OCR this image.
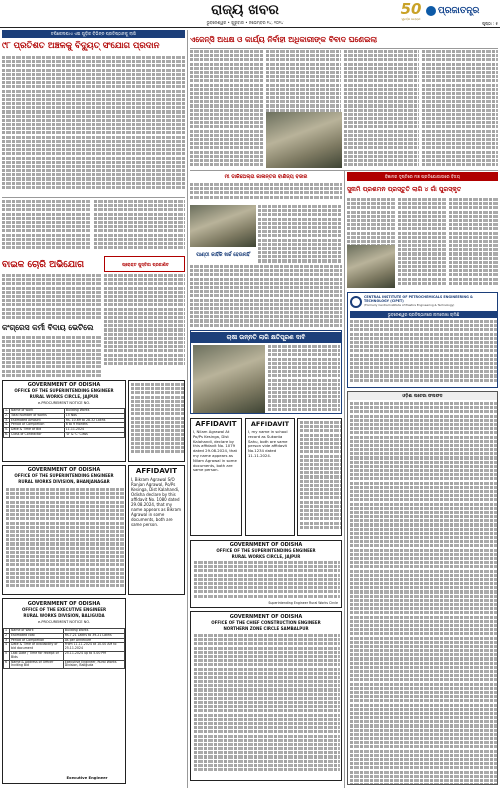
ରାଜ୍ୟ ଖବର
ଭୁବନେଶ୍ୱର • ଗୁରୁବାର • ନଭେମ୍ବର ୧୪, ୨୦୨୪
50
ସୁବର୍ଣ୍ଣ ଜୟନ୍ତୀ
ପ୍ରଜାତନ୍ତ୍ର
ପୃଷ୍ଠା : ୫
ଟପିକେଲପାଏ ଏଇ ଗୁଡ଼ିକ ବିଭିନ୍ନ ପ୍ରତିଷ୍ଠାନକୁ ଲାଗି
୯୮ ପ୍ରତିଶତ ଅଞ୍ଚଳକୁ ବିଦ୍ୟୁତ୍ ସଂଯୋଗ ପ୍ରଦାନ
ଏଜେନ୍‌ସି ଅଧକ୍ଷ ଓ କାର୍ଯ୍ୟ ନିର୍ବାହୀ ଅଧିକାରୀଙ୍କ ବିବାଦ ଘଣେଇଲା
ବାଇକ ଚୋରି ଅଭିଯୋଗ	ପ୍ରୋକ୍ଟ ପୁସ୍ତିକା ପ୍ରକାଶିତ
କଂଗ୍ରେସ କର୍ମୀ ବିଦାୟ ଭେଟିଲେ
GOVERNMENT OF ODISHA
OFFICE OF THE SUPERINTENDING ENGINEER
RURAL WORKS CIRCLE, JAJPUR
e-PROCUREMENT NOTICE NO.
1.	Name of work	Building Works
2.	Total Number of works	15 Nos
3.	Estimated Amount	Rs. 10.69 to 28.32 Lakhs
4.	Period of Completion	6 to 9 Months
5.	Date & Time of Bid	11.11.2024
6.	Class of Contractor	'D' & 'C' Class
GOVERNMENT OF ODISHA
OFFICE OF THE SUPERINTENDING ENGINEER
RURAL WORKS DIVISION, BHANJANAGAR
GOVERNMENT OF ODISHA
OFFICE OF THE EXECUTIVE ENGINEER
RURAL WORKS DIVISION, BALIGUDA
e-PROCUREMENT NOTICE NO.
1	Name of Work	Building Works
2	Estimated cost	Rs.7.21 Lakhs to 39.21 Lakhs
3	Period of Completion	As per Annexure
4	Date & Time of availability of bid document	From 11.11.2024 at 10.00 AM to 25.11.2024
5	Last Date / Time for receipt of Bids	25.11.2024 up to 5.00 PM
6	Name & Address of Officer Inviting Bid	Executive Engineer, Rural Works Division, Baliguda
Executive Engineer
ମୀ ଡାକିଅେଲ୍ତା କାଳାନ୍ତର ବାଣିଜ୍ୟ ବଜାର
ପାଣ୍ଠୀ କାହିଁକି ଖର୍ଚ୍ଚ ହେଉନାହିଁ
ଚାଷୀ ଉନ୍ନତି ଲାଗି କ୍ଷତିପୂରଣ ଦାବି
AFFIDAVIT
I, Bikram Agrawal S/O Ranjan Agrawal, Po/Ps Kesinga, Dist Kalahandi, Odisha declare by this affidavit No. 1080 dated 29.08.2024, that my name appears as Bikram Agrawal in some documents, both are same person.
AFFIDAVIT
I, Nilam Agrawal At Po/Ps Kesinga, Dist Kalahandi, declare by this affidavit No. 1079 dated 29.08.2024, that my name appears as Nilam Agrawal in some documents, both are same person.
AFFIDAVIT
I, my name in school record as Sukanta Sahu, both are same person vide affidavit No.1234 dated 11.11.2024.
GOVERNMENT OF ODISHA
OFFICE OF THE SUPERINTENDING ENGINEER
RURAL WORKS CIRCLE, JAJPUR
Superintending Engineer Rural Works Circle
GOVERNMENT OF ODISHA
OFFICE OF THE CHIEF CONSTRUCTION ENGINEER
NORTHERN ZONE CIRCLE SAMBALPUR
ବିଜ୍ଞାନର ଦୃଷ୍ଟିରେ ମଞ୍ଚ ପ୍ରତିଯୋଗୀତାରେ ବିଜୟ
ସୁନାମି ପ୍ରଶମନ ପ୍ରସ୍ତୁତି ଲାଗି ୪ ଗାଁ ପୁରସ୍କୃତ
CENTRAL INSTITUTE OF PETROCHEMICALS ENGINEERING & TECHNOLOGY (CIPET)
(Formerly Central Institute of Plastics Engineering & Technology)
ଭୁବନେଶ୍ୱର ପ୍ରତିଷ୍ଠାନରେ ନାମଲେଖା ଚାଲିଛି
ଓଡ଼ିଶା ଲଟେରୀ ଫଳାଫଳ
